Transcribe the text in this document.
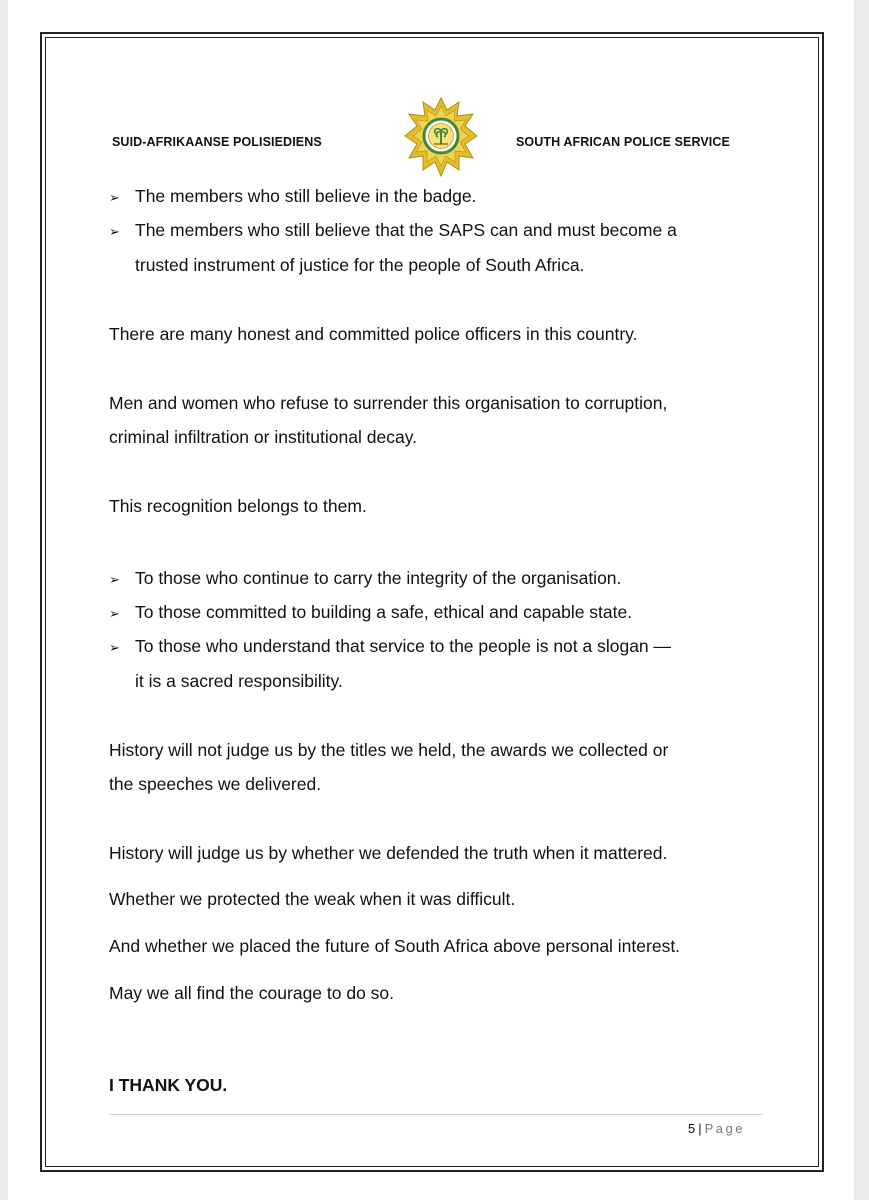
SUID-AFRIKAANSE POLISIEDIENS	SOUTH AFRICAN POLICE SERVICE
➢ The members who still believe in the badge.
➢ The members who still believe that the SAPS can and must become a
trusted instrument of justice for the people of South Africa.
There are many honest and committed police officers in this country.
Men and women who refuse to surrender this organisation to corruption,
criminal infiltration or institutional decay.
This recognition belongs to them.
➢ To those who continue to carry the integrity of the organisation.
➢ To those committed to building a safe, ethical and capable state.
➢ To those who understand that service to the people is not a slogan —
it is a sacred responsibility.
History will not judge us by the titles we held, the awards we collected or
the speeches we delivered.
History will judge us by whether we defended the truth when it mattered.
Whether we protected the weak when it was difficult.
And whether we placed the future of South Africa above personal interest.
May we all find the courage to do so.
I THANK YOU.
5 | Page
